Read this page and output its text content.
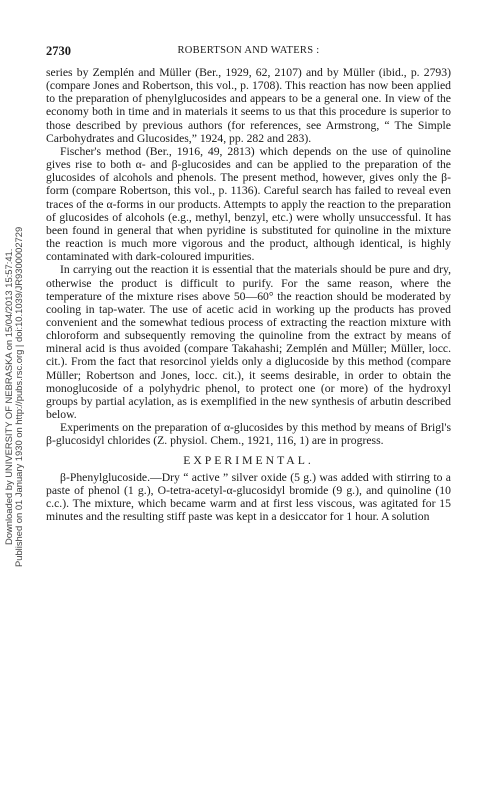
Downloaded by UNIVERSITY OF NEBRASKA on 15/04/2013 15:57:41. Published on 01 January 1930 on http://pubs.rsc.org | doi:10.1039/JR9300002729
2730	ROBERTSON AND WATERS :

series by Zemplén and Müller (Ber., 1929, 62, 2107) and by Müller (ibid., p. 2793) (compare Jones and Robertson, this vol., p. 1708). This reaction has now been applied to the preparation of phenylglucosides and appears to be a general one. In view of the economy both in time and in materials it seems to us that this procedure is superior to those described by previous authors (for references, see Armstrong, “ The Simple Carbohydrates and Glucosides,” 1924, pp. 282 and 283).

Fischer's method (Ber., 1916, 49, 2813) which depends on the use of quinoline gives rise to both α- and β-glucosides and can be applied to the preparation of the glucosides of alcohols and phenols. The present method, however, gives only the β-form (compare Robertson, this vol., p. 1136). Careful search has failed to reveal even traces of the α-forms in our products. Attempts to apply the reaction to the preparation of glucosides of alcohols (e.g., methyl, benzyl, etc.) were wholly unsuccessful. It has been found in general that when pyridine is substituted for quinoline in the mixture the reaction is much more vigorous and the product, although identical, is highly contaminated with dark-coloured impurities.

In carrying out the reaction it is essential that the materials should be pure and dry, otherwise the product is difficult to purify. For the same reason, where the temperature of the mixture rises above 50—60° the reaction should be moderated by cooling in tap-water. The use of acetic acid in working up the products has proved convenient and the somewhat tedious process of extracting the reaction mixture with chloroform and subsequently removing the quinoline from the extract by means of mineral acid is thus avoided (compare Takahashi; Zemplén and Müller; Müller, locc. cit.). From the fact that resorcinol yields only a diglucoside by this method (compare Müller; Robertson and Jones, locc. cit.), it seems desirable, in order to obtain the monoglucoside of a polyhydric phenol, to protect one (or more) of the hydroxyl groups by partial acylation, as is exemplified in the new synthesis of arbutin described below.

Experiments on the preparation of α-glucosides by this method by means of Brigl's β-glucosidyl chlorides (Z. physiol. Chem., 1921, 116, 1) are in progress.

EXPERIMENTAL.

β-Phenylglucoside.—Dry “ active ” silver oxide (5 g.) was added with stirring to a paste of phenol (1 g.), O-tetra-acetyl-α-glucosidyl bromide (9 g.), and quinoline (10 c.c.). The mixture, which became warm and at first less viscous, was agitated for 15 minutes and the resulting stiff paste was kept in a desiccator for 1 hour. A solution
